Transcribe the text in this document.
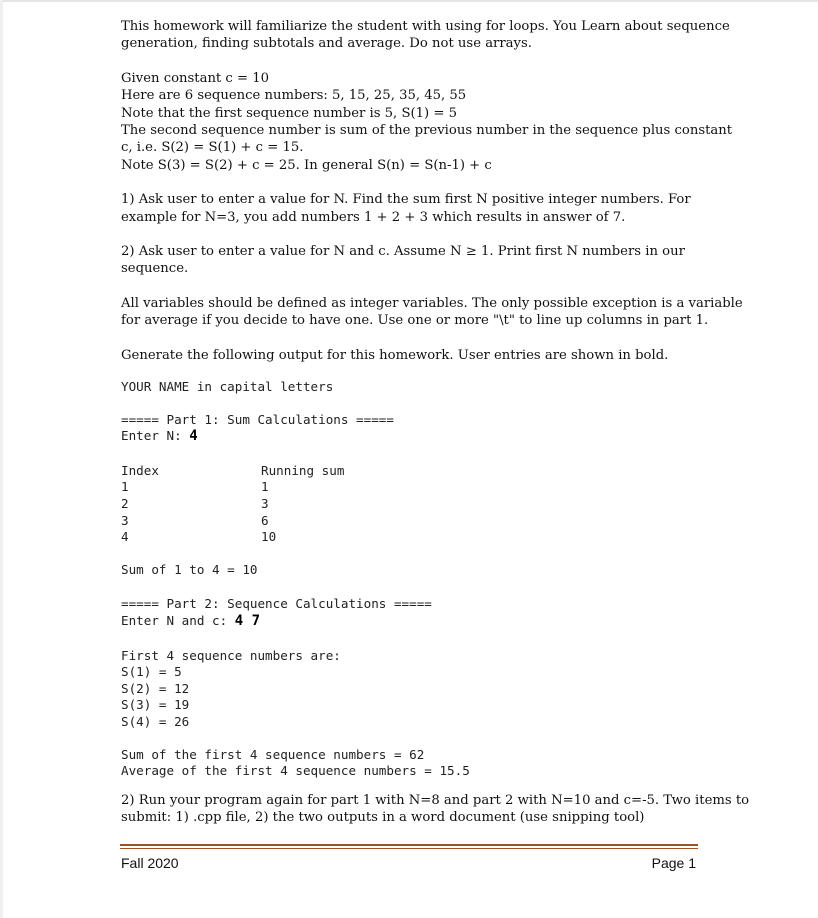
This homework will familiarize the student with using for loops. You Learn about sequence

generation, finding subtotals and average. Do not use arrays.

Given constant c = 10

Here are 6 sequence numbers: 5, 15, 25, 35, 45, 55

Note that the first sequence number is 5, S(1) = 5

The second sequence number is sum of the previous number in the sequence plus constant

c, i.e. S(2) = S(1) + c = 15.

Note S(3) = S(2) + c = 25. In general S(n) = S(n-1) + c

1) Ask user to enter a value for N. Find the sum first N positive integer numbers. For

example for N=3, you add numbers 1 + 2 + 3 which results in answer of 7.

2) Ask user to enter a value for N and c. Assume N ≥ 1. Print first N numbers in our

sequence.

All variables should be defined as integer variables. The only possible exception is a variable

for average if you decide to have one. Use one or more "\t" to line up columns in part 1.

Generate the following output for this homework. User entries are shown in bold.

YOUR NAME in capital letters

===== Part 1: Sum Calculations =====

Enter N: 4

Index	Running sum
1	1
2	3
3	6
4	10

Sum of 1 to 4 = 10

===== Part 2: Sequence Calculations =====

Enter N and c: 4 7

First 4 sequence numbers are:

S(1) = 5

S(2) = 12

S(3) = 19

S(4) = 26

Sum of the first 4 sequence numbers = 62

Average of the first 4 sequence numbers = 15.5

2) Run your program again for part 1 with N=8 and part 2 with N=10 and c=-5. Two items to

submit: 1) .cpp file, 2) the two outputs in a word document (use snipping tool)

Fall 2020	Page 1
